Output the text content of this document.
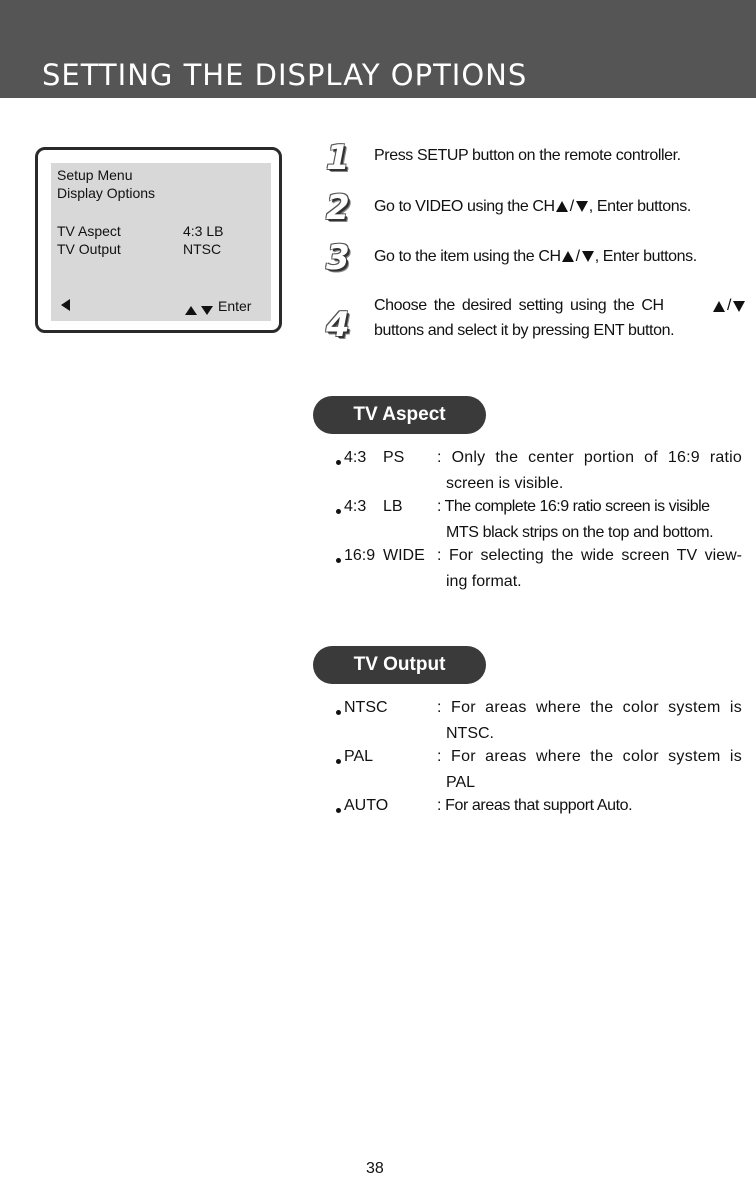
SETTING THE DISPLAY OPTIONS
Setup Menu
Display Options
TV Aspect	4:3 LB
TV Output	NTSC
Enter
1 Press SETUP button on the remote controller.
2 Go to VIDEO using the CH / , Enter buttons.
3 Go to the item using the CH / , Enter buttons.
4 Choose the desired setting using the CH	/
buttons and select it by pressing ENT button.
TV Aspect
4:3 PS : Only the center portion of 16:9 ratio
screen is visible.
4:3 LB : The complete 16:9 ratio screen is visible
MTS black strips on the top and bottom.
16:9 WIDE : For selecting the wide screen TV view-
ing format.
TV Output
NTSC	: For areas where the color system is
NTSC.
PAL	: For areas where the color system is
PAL
AUTO	: For areas that support Auto.
38
